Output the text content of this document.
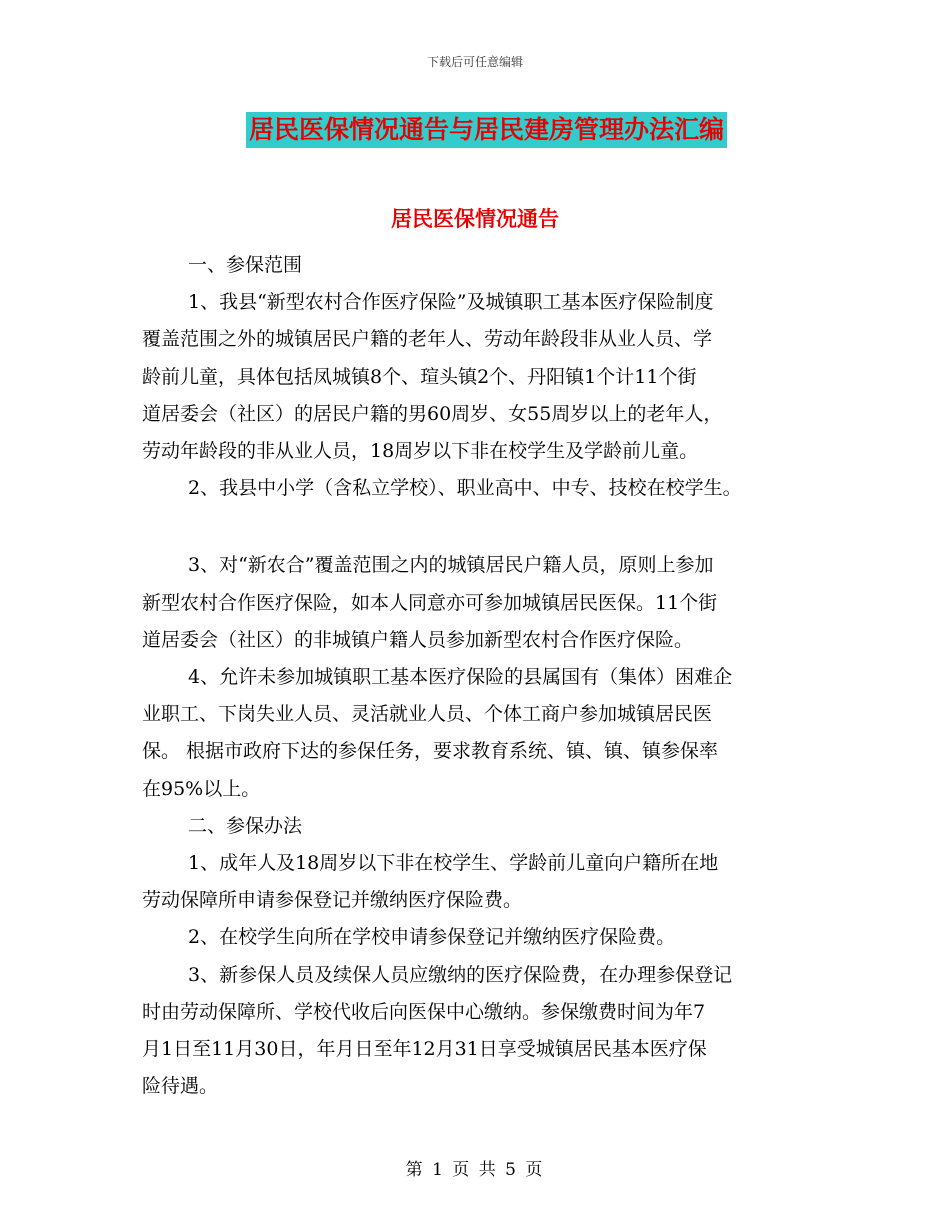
下载后可任意编辑
居民医保情况通告与居民建房管理办法汇编
居民医保情况通告

一、参保范围

1、我县“新型农村合作医疗保险”及城镇职工基本医疗保险制度

覆盖范围之外的城镇居民户籍的老年人、劳动年龄段非从业人员、学

龄前儿童，具体包括凤城镇8个、瑄头镇2个、丹阳镇1个计11个街

道居委会（社区）的居民户籍的男60周岁、女55周岁以上的老年人，

劳动年龄段的非从业人员，18周岁以下非在校学生及学龄前儿童。

2、我县中小学（含私立学校）、职业高中、中专、技校在校学生。

3、对“新农合”覆盖范围之内的城镇居民户籍人员，原则上参加

新型农村合作医疗保险，如本人同意亦可参加城镇居民医保。11个街

道居委会（社区）的非城镇户籍人员参加新型农村合作医疗保险。

4、允许未参加城镇职工基本医疗保险的县属国有（集体）困难企

业职工、下岗失业人员、灵活就业人员、个体工商户参加城镇居民医

保。 根据市政府下达的参保任务，要求教育系统、镇、镇、镇参保率

在95%以上。

二、参保办法

1、成年人及18周岁以下非在校学生、学龄前儿童向户籍所在地

劳动保障所申请参保登记并缴纳医疗保险费。

2、在校学生向所在学校申请参保登记并缴纳医疗保险费。

3、新参保人员及续保人员应缴纳的医疗保险费，在办理参保登记

时由劳动保障所、学校代收后向医保中心缴纳。参保缴费时间为年7

月1日至11月30日，年月日至年12月31日享受城镇居民基本医疗保

险待遇。

第 1 页 共 5 页
